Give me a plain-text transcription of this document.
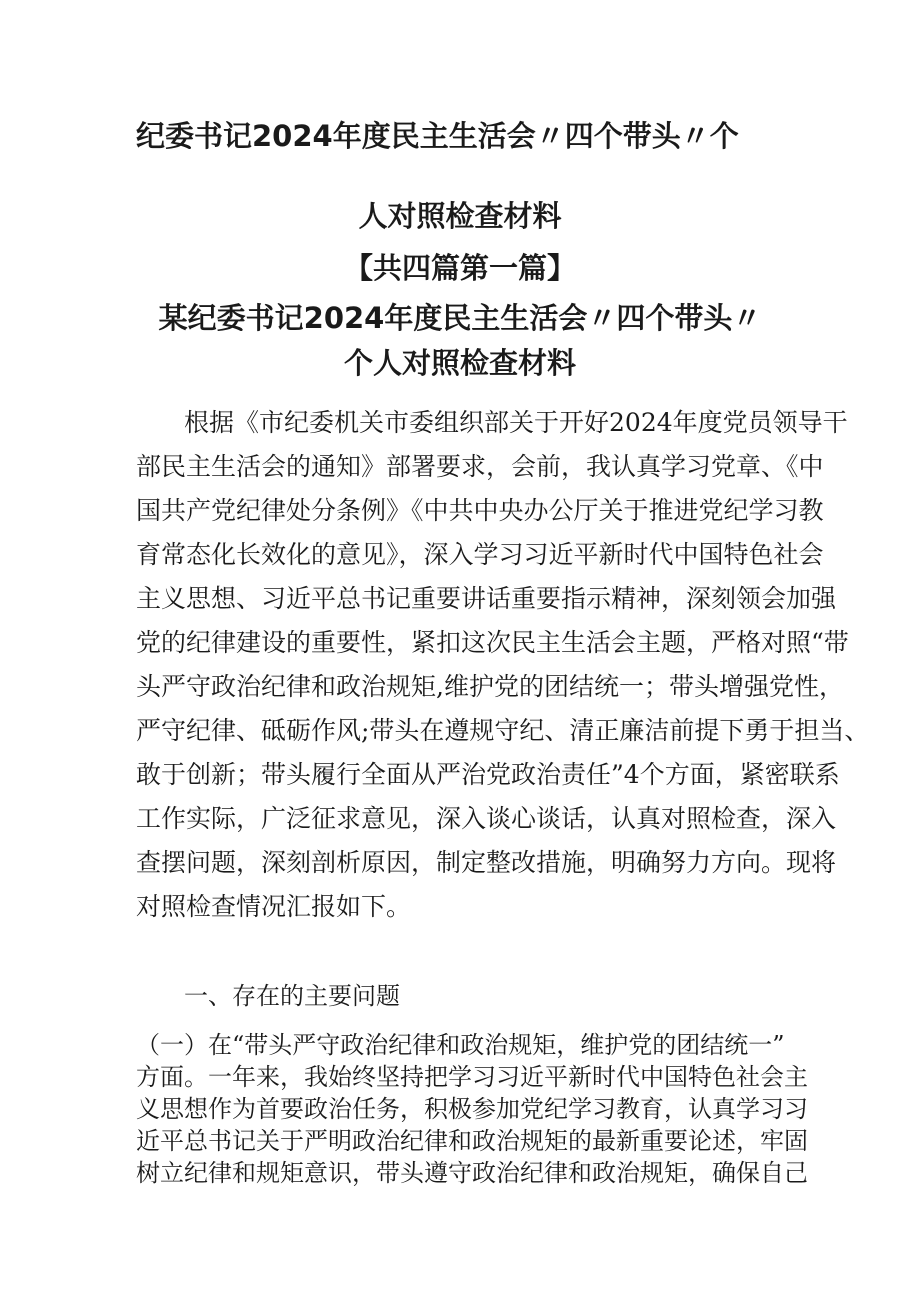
纪委书记2024年度民主生活会〃四个带头〃个
人对照检查材料
【共四篇第一篇】
某纪委书记2024年度民主生活会〃四个带头〃
个人对照检查材料
根据《市纪委机关市委组织部关于开好2024年度党员领导干
部民主生活会的通知》部署要求，会前，我认真学习党章、《中
国共产党纪律处分条例》《中共中央办公厅关于推进党纪学习教
育常态化长效化的意见》，深入学习习近平新时代中国特色社会
主义思想、习近平总书记重要讲话重要指示精神，深刻领会加强
党的纪律建设的重要性，紧扣这次民主生活会主题，严格对照“带
头严守政治纪律和政治规矩,维护党的团结统一；带头增强党性，
严守纪律、砥砺作风;带头在遵规守纪、清正廉洁前提下勇于担当、
敢于创新；带头履行全面从严治党政治责任”4个方面，紧密联系
工作实际，广泛征求意见，深入谈心谈话，认真对照检查，深入
查摆问题，深刻剖析原因，制定整改措施，明确努力方向。现将
对照检查情况汇报如下。
一、存在的主要问题
（一）在“带头严守政治纪律和政治规矩，维护党的团结统一”
方面。一年来，我始终坚持把学习习近平新时代中国特色社会主
义思想作为首要政治任务，积极参加党纪学习教育，认真学习习
近平总书记关于严明政治纪律和政治规矩的最新重要论述，牢固
树立纪律和规矩意识，带头遵守政治纪律和政治规矩，确保自己
